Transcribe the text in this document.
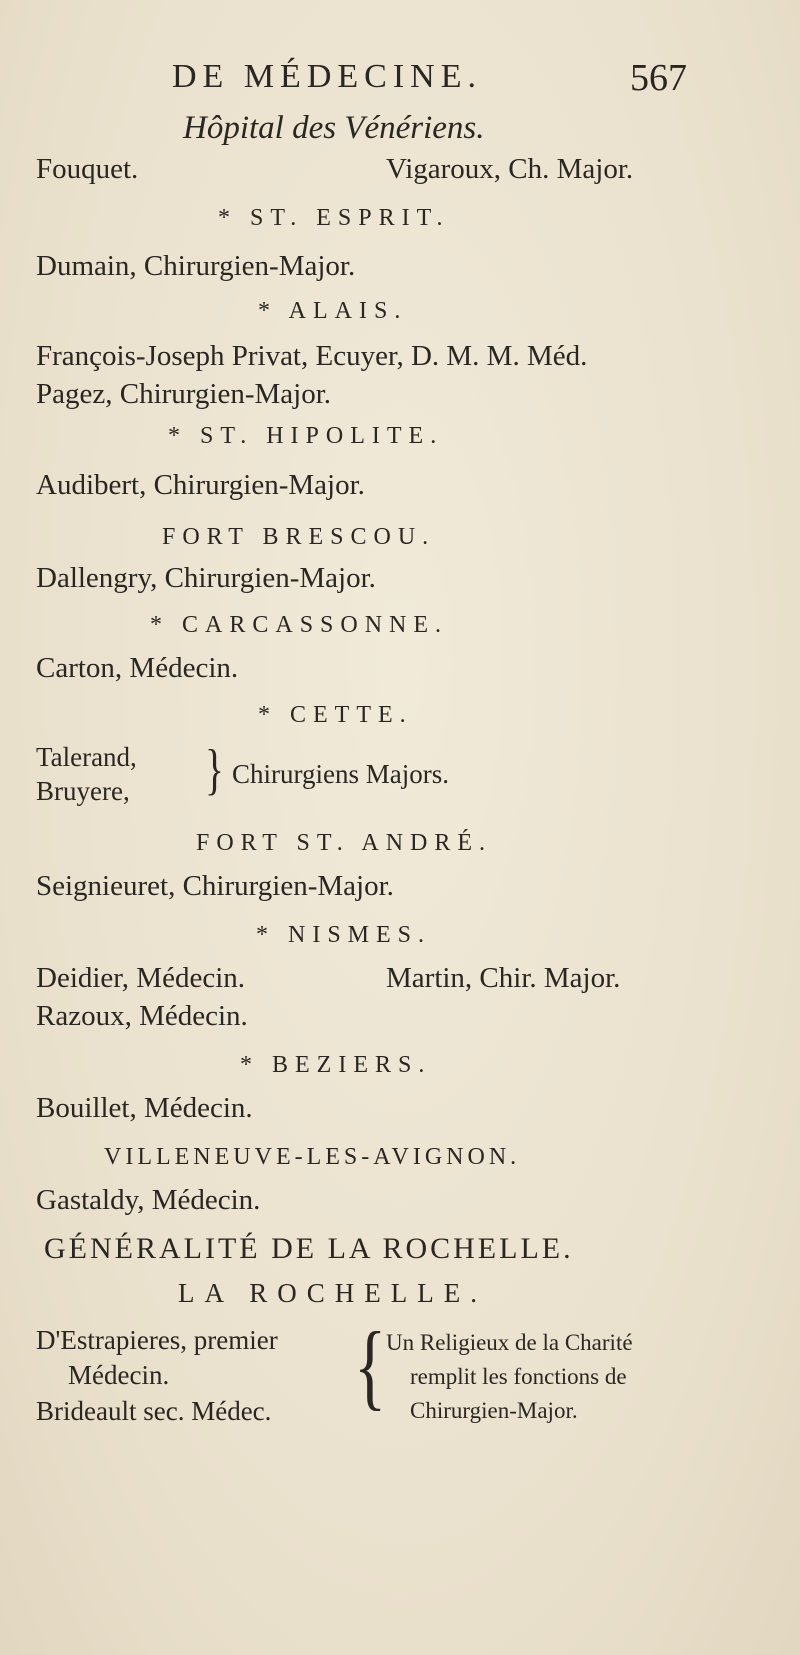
DE MÉDECINE.	567
Hôpital des Vénériens.
Fouquet.	Vigaroux, Ch. Major.
* ST. ESPRIT.
Dumain, Chirurgien-Major.
* ALAIS.
François-Joseph Privat, Ecuyer, D. M. M. Méd.
Pagez, Chirurgien-Major.
* ST. HIPOLITE.
Audibert, Chirurgien-Major.
FORT BRESCOU.
Dallengry, Chirurgien-Major.
* CARCASSONNE.
Carton, Médecin.
* CETTE.
Talerand,
Bruyere, } Chirurgiens Majors.
FORT ST. ANDRÉ.
Seignieuret, Chirurgien-Major.
* NISMES.
Deidier, Médecin.	Martin, Chir. Major.
Razoux, Médecin.
* BEZIERS.
Bouillet, Médecin.
VILLENEUVE-LES-AVIGNON.
Gastaldy, Médecin.
GÉNÉRALITÉ DE LA ROCHELLE.
LA ROCHELLE.
D'Estrapieres, premier
Médecin.
Brideault sec. Médec. { Un Religieux de la Charité
remplit les fonctions de
Chirurgien-Major.
